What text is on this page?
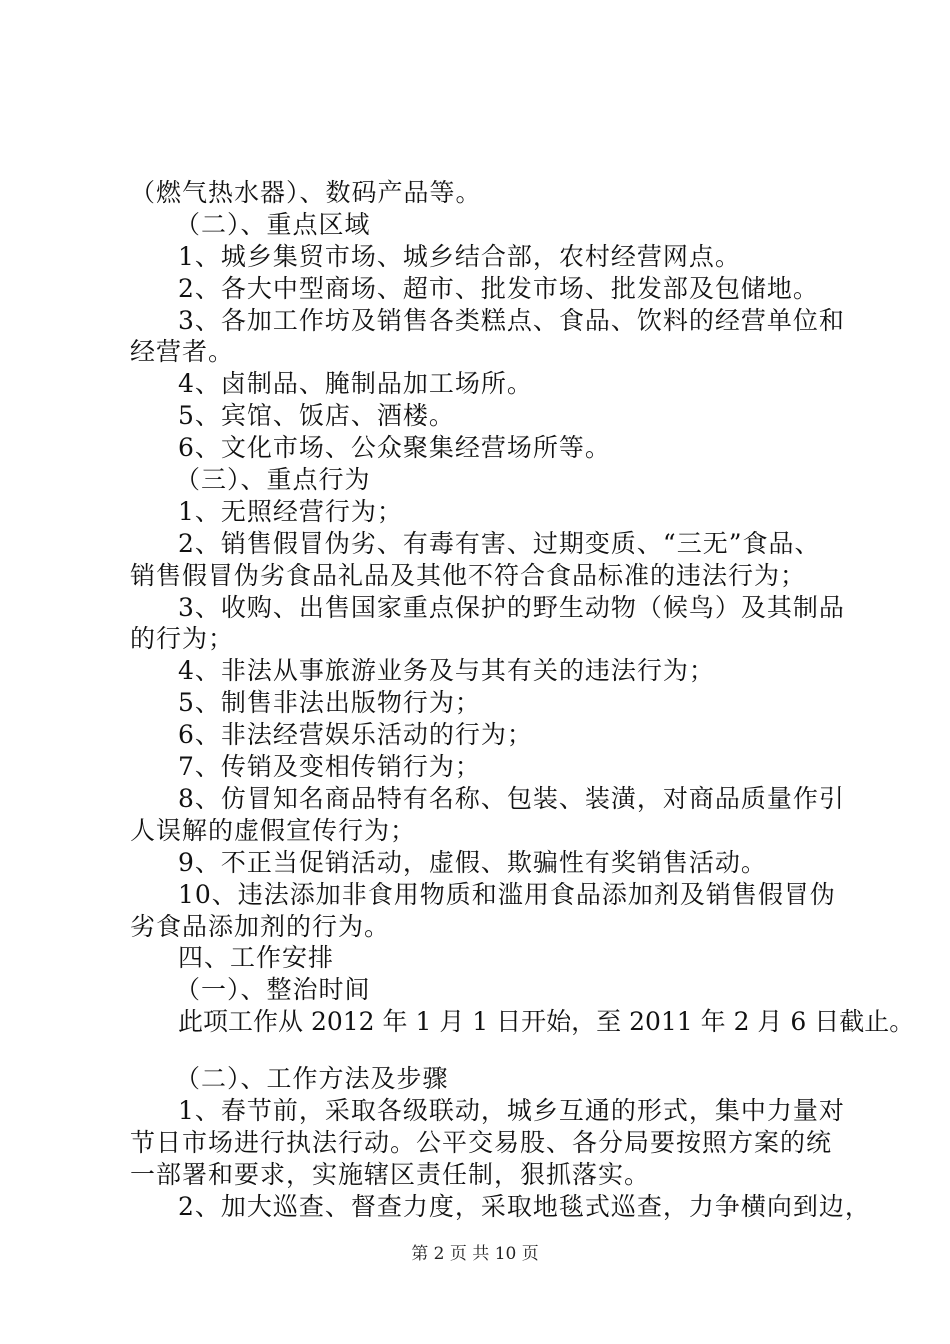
（燃气热水器）、数码产品等。
（二）、重点区域
1、城乡集贸市场、城乡结合部，农村经营网点。
2、各大中型商场、超市、批发市场、批发部及包储地。
3、各加工作坊及销售各类糕点、食品、饮料的经营单位和
经营者。
4、卤制品、腌制品加工场所。
5、宾馆、饭店、酒楼。
6、文化市场、公众聚集经营场所等。
（三）、重点行为
1、无照经营行为；
2、销售假冒伪劣、有毒有害、过期变质、“三无”食品、
销售假冒伪劣食品礼品及其他不符合食品标准的违法行为；
3、收购、出售国家重点保护的野生动物（候鸟）及其制品
的行为；
4、非法从事旅游业务及与其有关的违法行为；
5、制售非法出版物行为；
6、非法经营娱乐活动的行为；
7、传销及变相传销行为；
8、仿冒知名商品特有名称、包装、装潢，对商品质量作引
人误解的虚假宣传行为；
9、不正当促销活动，虚假、欺骗性有奖销售活动。
10、违法添加非食用物质和滥用食品添加剂及销售假冒伪
劣食品添加剂的行为。
四、工作安排
（一）、整治时间
此项工作从 2012 年 1 月 1 日开始，至 2011 年 2 月 6 日截止。
（二）、工作方法及步骤
1、春节前，采取各级联动，城乡互通的形式，集中力量对
节日市场进行执法行动。公平交易股、各分局要按照方案的统
一部署和要求，实施辖区责任制，狠抓落实。
2、加大巡查、督查力度，采取地毯式巡查，力争横向到边，
第 2 页 共 10 页
